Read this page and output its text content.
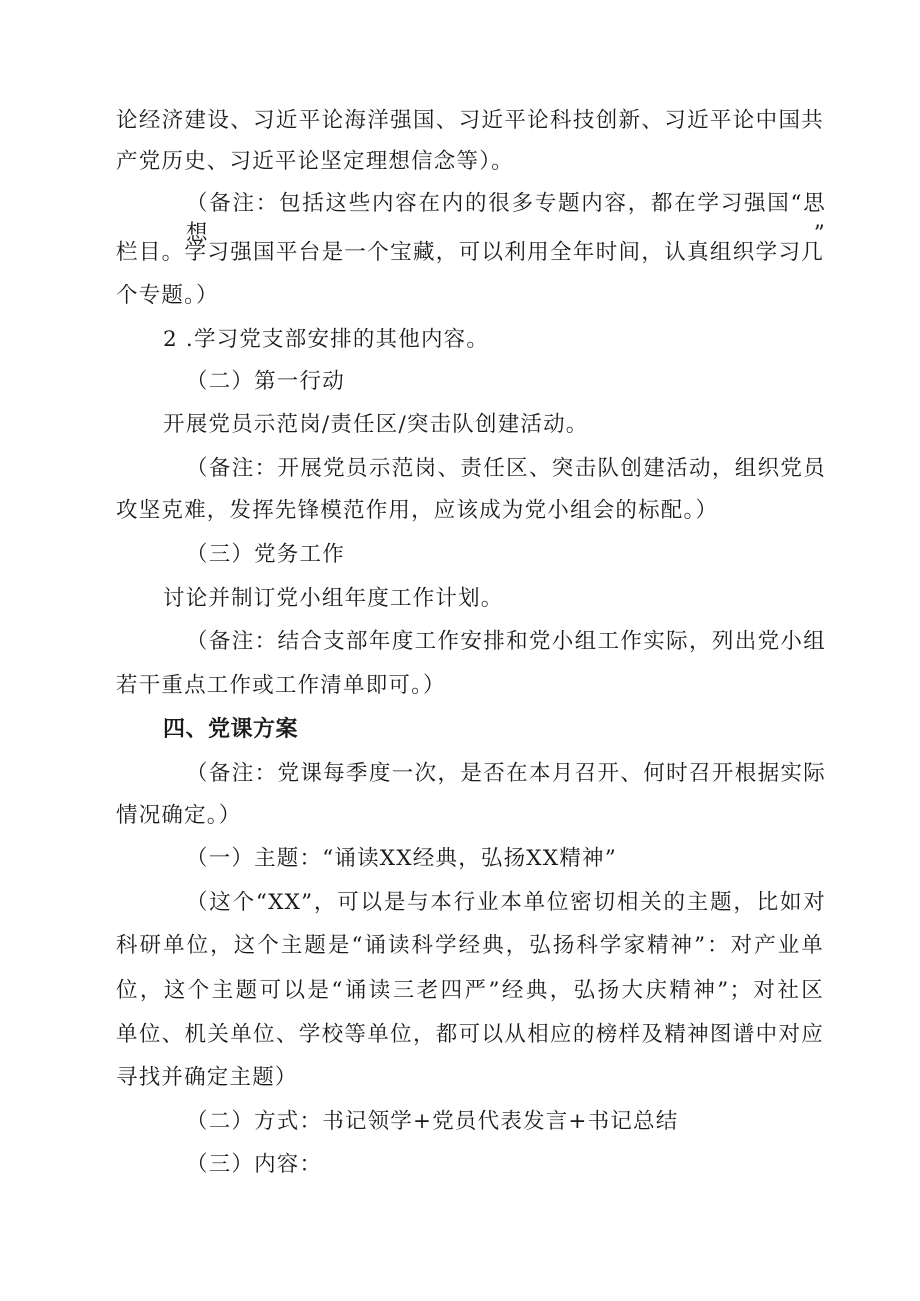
论经济建设、习近平论海洋强国、习近平论科技创新、习近平论中国共
产党历史、习近平论坚定理想信念等）。
（备注：包括这些内容在内的很多专题内容，都在学习强国“思想”
栏目。学习强国平台是一个宝藏，可以利用全年时间，认真组织学习几
个专题。）
2 .学习党支部安排的其他内容。
（二）第一行动
开展党员示范岗/责任区/突击队创建活动。
（备注：开展党员示范岗、责任区、突击队创建活动，组织党员
攻坚克难，发挥先锋模范作用，应该成为党小组会的标配。）
（三）党务工作
讨论并制订党小组年度工作计划。
（备注：结合支部年度工作安排和党小组工作实际，列出党小组
若干重点工作或工作清单即可。）
四、党课方案
（备注：党课每季度一次，是否在本月召开、何时召开根据实际
情况确定。）
（一）主题：“诵读XX经典，弘扬XX精神”
（这个“XX”，可以是与本行业本单位密切相关的主题，比如对
科研单位，这个主题是“诵读科学经典，弘扬科学家精神”：对产业单
位，这个主题可以是“诵读三老四严”经典，弘扬大庆精神”；对社区
单位、机关单位、学校等单位，都可以从相应的榜样及精神图谱中对应
寻找并确定主题）
（二）方式：书记领学+党员代表发言+书记总结
（三）内容：
